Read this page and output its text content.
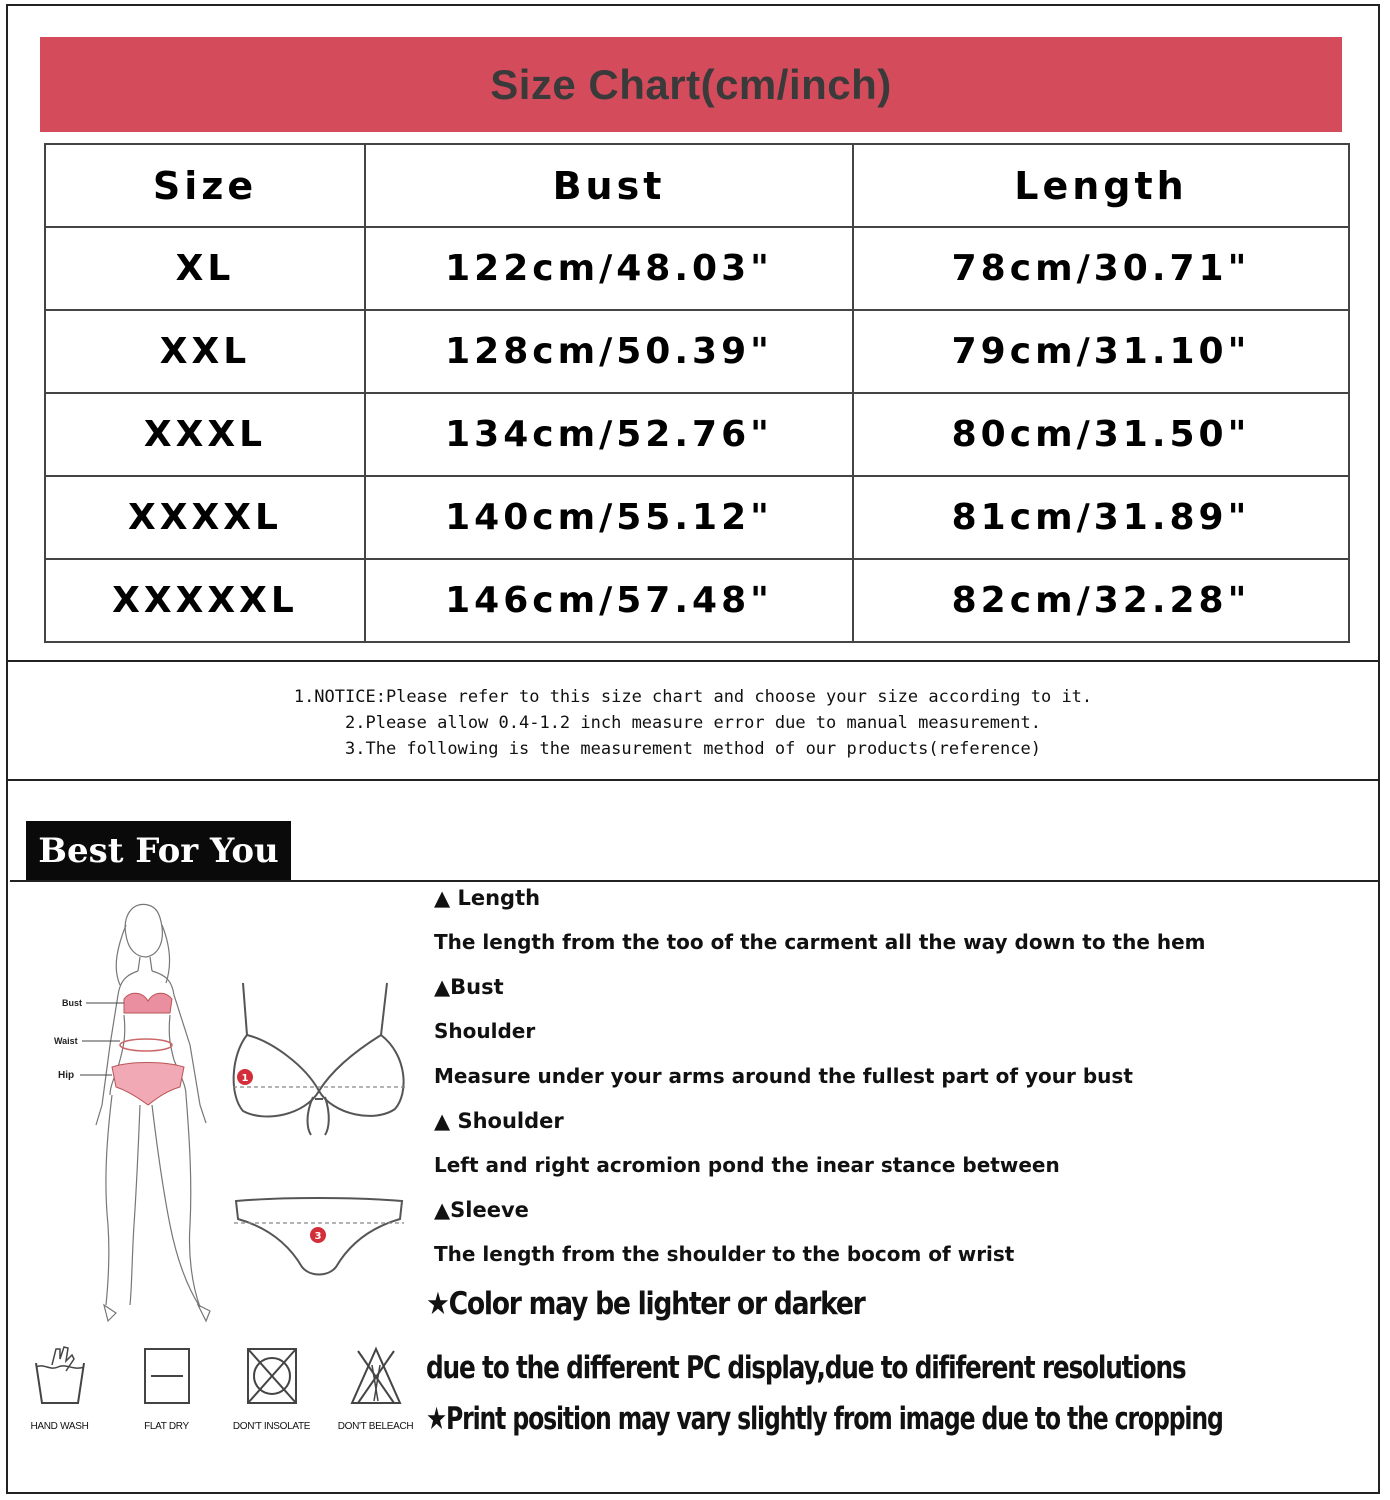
Size Chart(cm/inch)
Size	Bust	Length
XL	122cm/48.03"	78cm/30.71"
XXL	128cm/50.39"	79cm/31.10"
XXXL	134cm/52.76"	80cm/31.50"
XXXXL	140cm/55.12"	81cm/31.89"
XXXXXL	146cm/57.48"	82cm/32.28"
1.NOTICE:Please refer to this size chart and choose your size according to it.
2.Please allow 0.4-1.2 inch measure error due to manual measurement.
3.The following is the measurement method of our products(reference)
Best For You
Bust
Waist
Hip	1
3
HAND WASH	FLAT DRY	DON'T INSOLATE	DON'T BELEACH
▲ Length
The length from the too of the carment all the way down to the hem
▲Bust
Shoulder
Measure under your arms around the fullest part of your bust
▲ Shoulder
Left and right acromion pond the inear stance between
▲Sleeve
The length from the shoulder to the bocom of wrist
★Color may be lighter or darker
due to the different PC display,due to dififerent resolutions
★Print position may vary slightly from image due to the cropping
